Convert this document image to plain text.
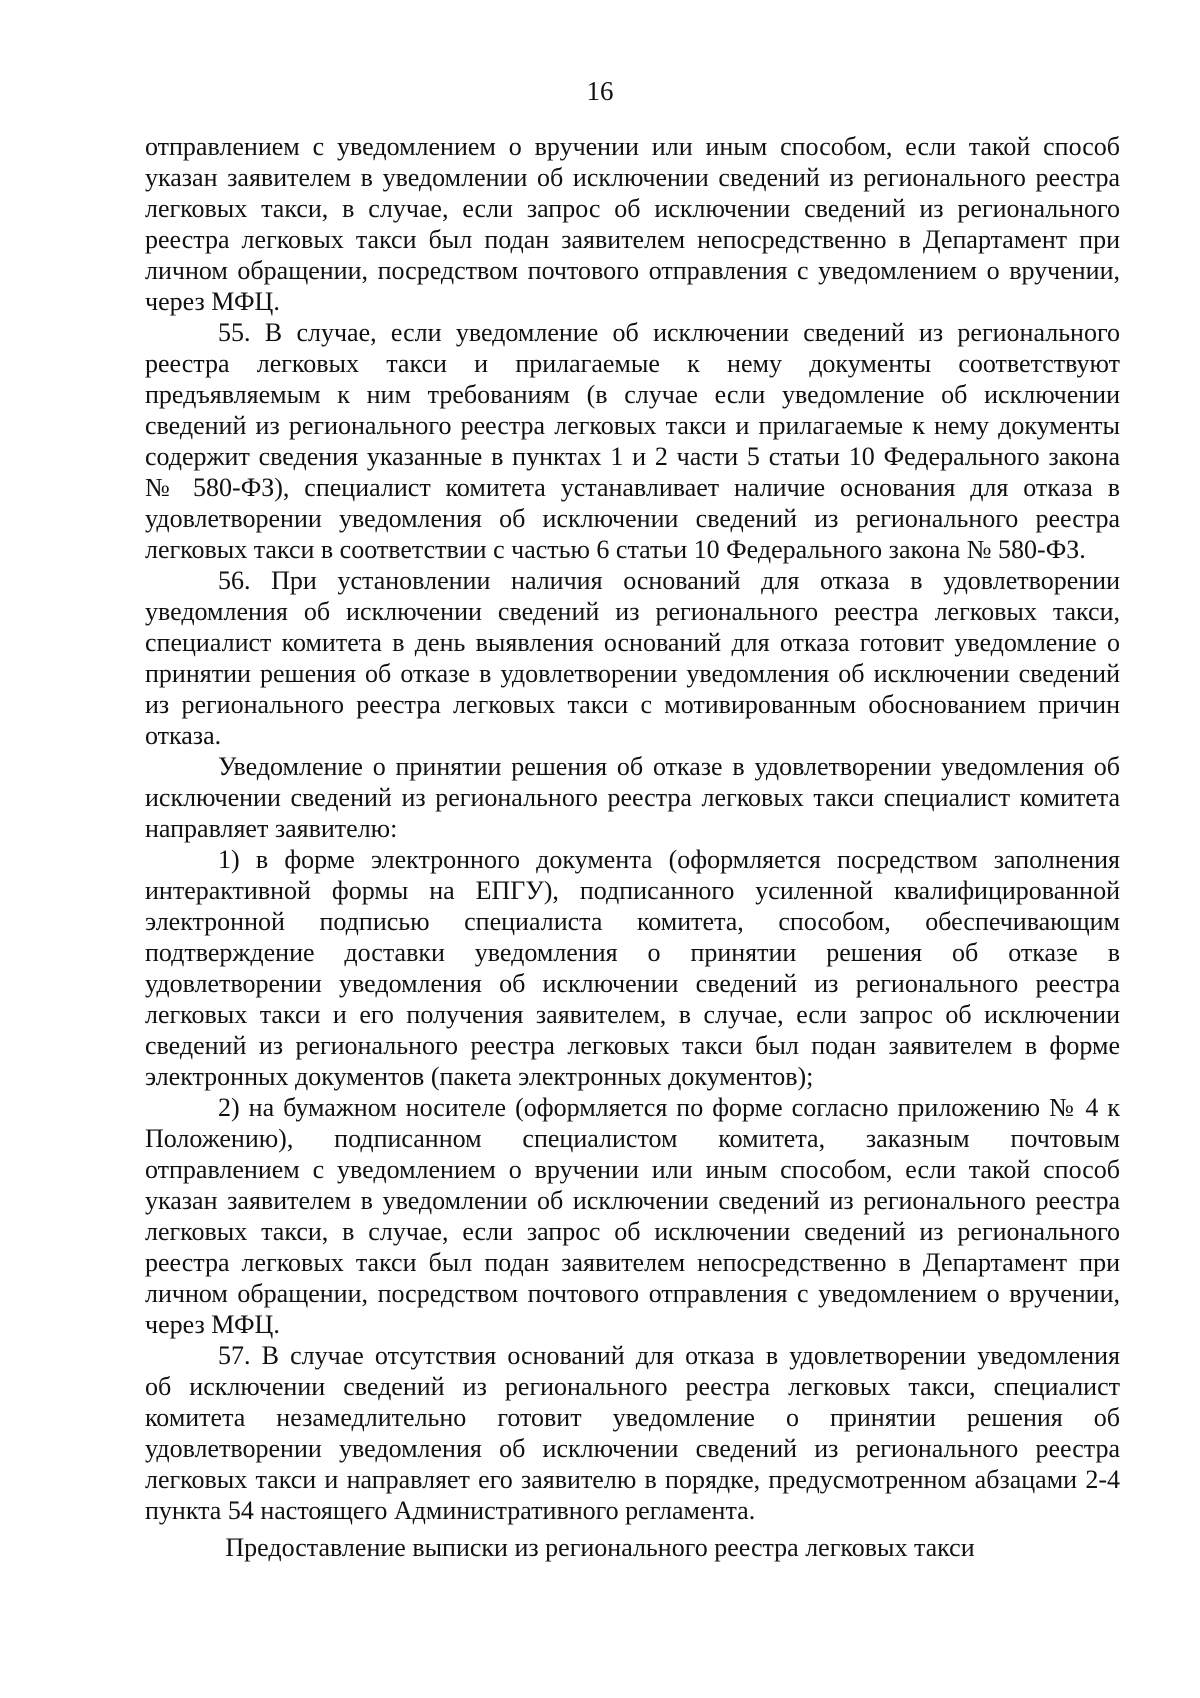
16

отправлением с уведомлением о вручении или иным способом, если такой способ
указан заявителем в уведомлении об исключении сведений из регионального реестра
легковых такси, в случае, если запрос об исключении сведений из регионального
реестра легковых такси был подан заявителем непосредственно в Департамент при
личном обращении, посредством почтового отправления с уведомлением о вручении,
через МФЦ.

55. В случае, если уведомление об исключении сведений из регионального
реестра легковых такси и прилагаемые к нему документы соответствуют
предъявляемым к ним требованиям (в случае если уведомление об исключении
сведений из регионального реестра легковых такси и прилагаемые к нему документы
содержит сведения указанные в пунктах 1 и 2 части 5 статьи 10 Федерального закона
№ 580-ФЗ), специалист комитета устанавливает наличие основания для отказа в
удовлетворении уведомления об исключении сведений из регионального реестра
легковых такси в соответствии с частью 6 статьи 10 Федерального закона № 580-ФЗ.

56. При установлении наличия оснований для отказа в удовлетворении
уведомления об исключении сведений из регионального реестра легковых такси,
специалист комитета в день выявления оснований для отказа готовит уведомление о
принятии решения об отказе в удовлетворении уведомления об исключении сведений
из регионального реестра легковых такси с мотивированным обоснованием причин
отказа.

Уведомление о принятии решения об отказе в удовлетворении уведомления об
исключении сведений из регионального реестра легковых такси специалист комитета
направляет заявителю:

1) в форме электронного документа (оформляется посредством заполнения
интерактивной формы на ЕПГУ), подписанного усиленной квалифицированной
электронной подписью специалиста комитета, способом, обеспечивающим
подтверждение доставки уведомления о принятии решения об отказе в
удовлетворении уведомления об исключении сведений из регионального реестра
легковых такси и его получения заявителем, в случае, если запрос об исключении
сведений из регионального реестра легковых такси был подан заявителем в форме
электронных документов (пакета электронных документов);

2) на бумажном носителе (оформляется по форме согласно приложению № 4 к
Положению), подписанном специалистом комитета, заказным почтовым
отправлением с уведомлением о вручении или иным способом, если такой способ
указан заявителем в уведомлении об исключении сведений из регионального реестра
легковых такси, в случае, если запрос об исключении сведений из регионального
реестра легковых такси был подан заявителем непосредственно в Департамент при
личном обращении, посредством почтового отправления с уведомлением о вручении,
через МФЦ.

57. В случае отсутствия оснований для отказа в удовлетворении уведомления
об исключении сведений из регионального реестра легковых такси, специалист
комитета незамедлительно готовит уведомление о принятии решения об
удовлетворении уведомления об исключении сведений из регионального реестра
легковых такси и направляет его заявителю в порядке, предусмотренном абзацами 2-4
пункта 54 настоящего Административного регламента.

Предоставление выписки из регионального реестра легковых такси
